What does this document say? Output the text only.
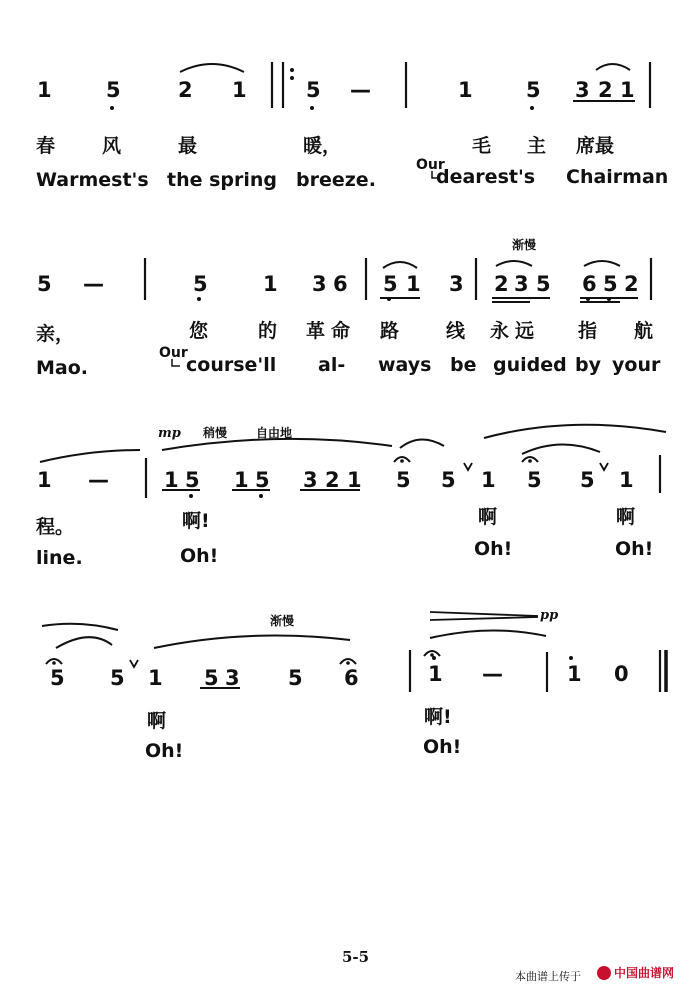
1	5	2 1	5 —	1	5 3 2 1
春 风	最	暖，	毛 主 席最
Warmest's the spring breeze.
Our
dearest's Chairman
渐慢
5 —	5	1 3 6 5 1 3 2 3 5 6 5 2
亲，	您	的 革命 路 线 永远 指 航
Mao.
Our
course'll al- ways be guided by your
mp 稍慢 自由地
1 —	1 5 1 5 3 2 1 5 5 1 5 5 1
程。	啊!	啊	啊
line.	Oh!	Oh!	Oh!
渐慢	pp
5 5 1 5 3 5 6	1 —	1 0
啊	啊!
Oh!	Oh!
5-5
本曲谱上传于	中国曲谱网
